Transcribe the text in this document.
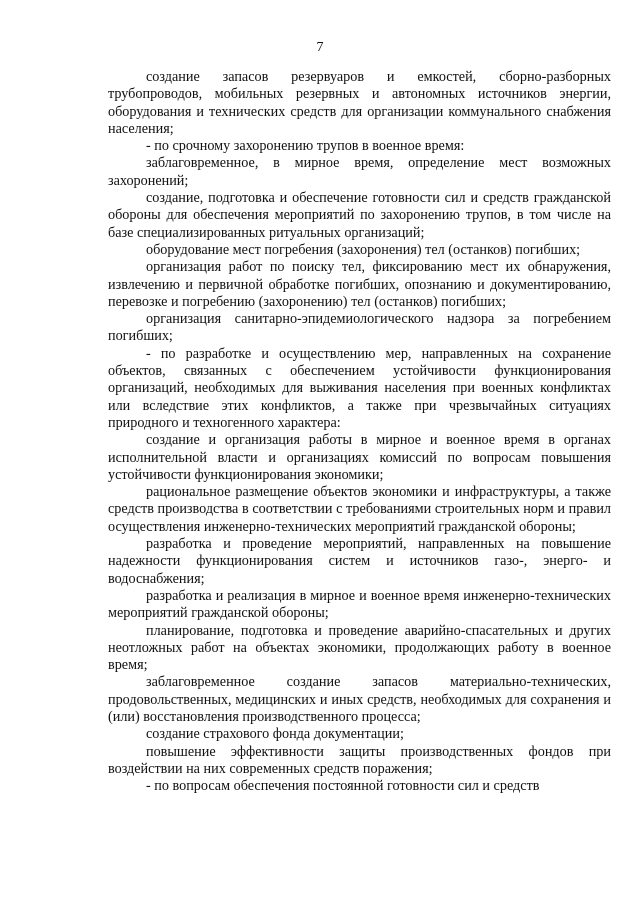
7

создание запасов резервуаров и емкостей, сборно-разборных трубопроводов, мобильных резервных и автономных источников энергии, оборудования и технических средств для организации коммунального снабжения населения;

- по срочному захоронению трупов в военное время:

заблаговременное, в мирное время, определение мест возможных захоронений;

создание, подготовка и обеспечение готовности сил и средств гражданской обороны для обеспечения мероприятий по захоронению трупов, в том числе на базе специализированных ритуальных организаций;

оборудование мест погребения (захоронения) тел (останков) погибших;

организация работ по поиску тел, фиксированию мест их обнаружения, извлечению и первичной обработке погибших, опознанию и документированию, перевозке и погребению (захоронению) тел (останков) погибших;

организация санитарно-эпидемиологического надзора за погребением погибших;

- по разработке и осуществлению мер, направленных на сохранение объектов, связанных с обеспечением устойчивости функционирования организаций, необходимых для выживания населения при военных конфликтах или вследствие этих конфликтов, а также при чрезвычайных ситуациях природного и техногенного характера:

создание и организация работы в мирное и военное время в органах исполнительной власти и организациях комиссий по вопросам повышения устойчивости функционирования экономики;

рациональное размещение объектов экономики и инфраструктуры, а также средств производства в соответствии с требованиями строительных норм и правил осуществления инженерно-технических мероприятий гражданской обороны;

разработка и проведение мероприятий, направленных на повышение надежности функционирования систем и источников газо-, энерго- и водоснабжения;

разработка и реализация в мирное и военное время инженерно-технических мероприятий гражданской обороны;

планирование, подготовка и проведение аварийно-спасательных и других неотложных работ на объектах экономики, продолжающих работу в военное время;

заблаговременное создание запасов материально-технических, продовольственных, медицинских и иных средств, необходимых для сохранения и (или) восстановления производственного процесса;

создание страхового фонда документации;

повышение эффективности защиты производственных фондов при воздействии на них современных средств поражения;

- по вопросам обеспечения постоянной готовности сил и средств
